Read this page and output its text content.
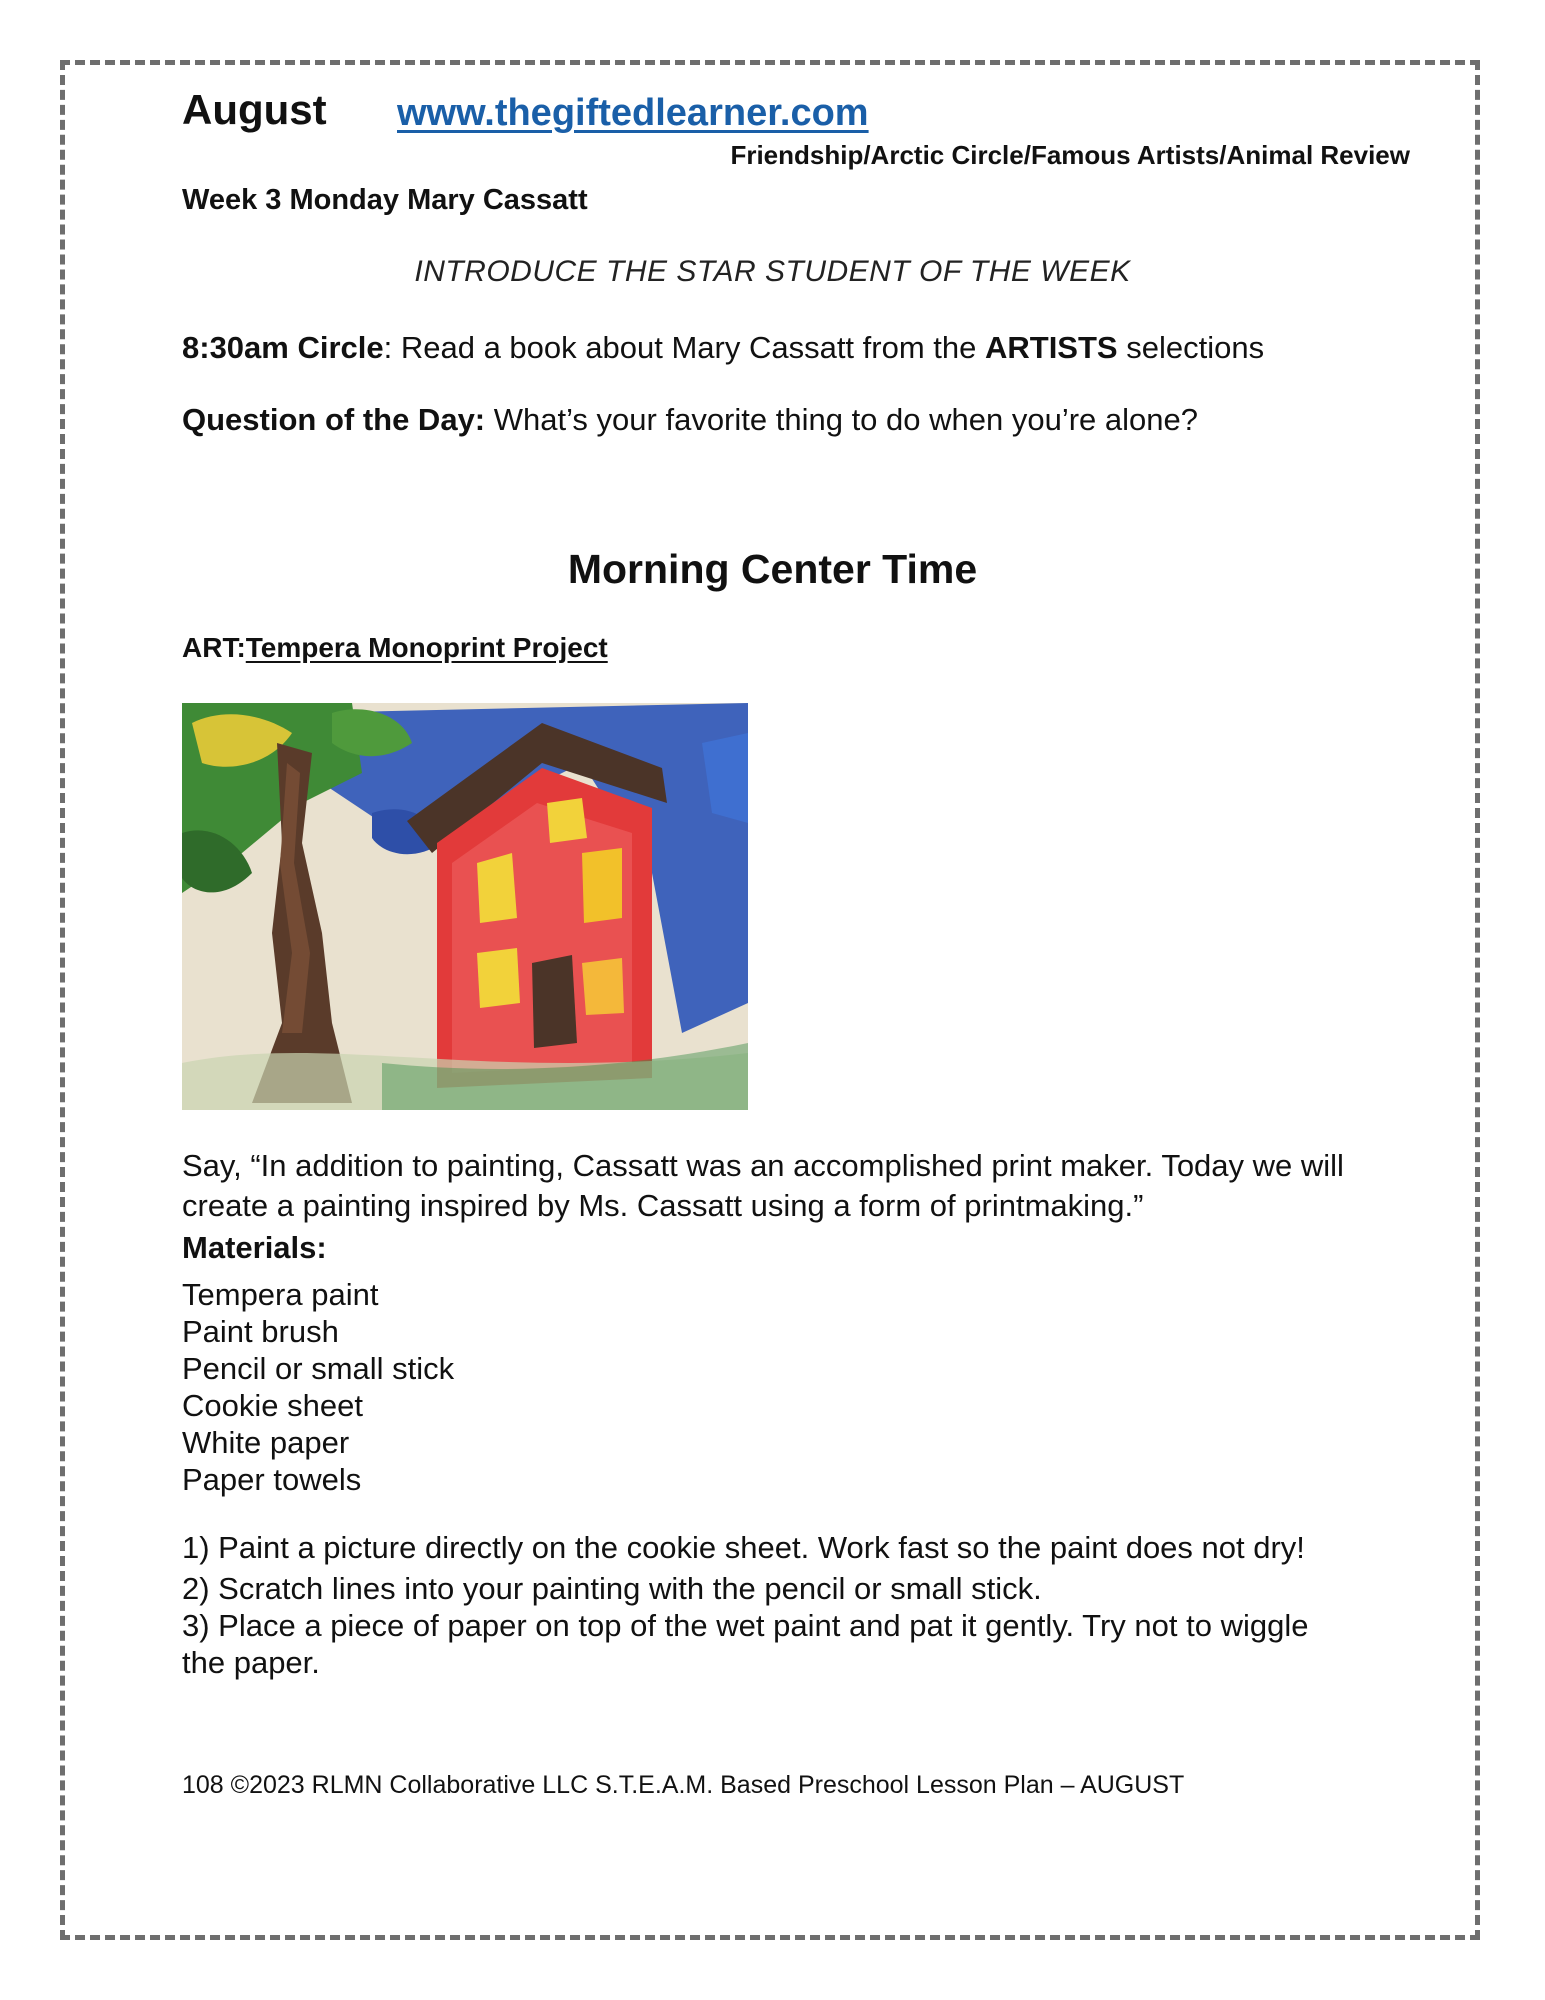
August www.thegiftedlearner.com
Friendship/Arctic Circle/Famous Artists/Animal Review
Week 3 Monday Mary Cassatt
INTRODUCE THE STAR STUDENT OF THE WEEK
8:30am Circle: Read a book about Mary Cassatt from the ARTISTS selections
Question of the Day: What’s your favorite thing to do when you’re alone?
Morning Center Time
ART:Tempera Monoprint Project
Say, “In addition to painting, Cassatt was an accomplished print maker. Today we will create a painting inspired by Ms. Cassatt using a form of printmaking.”
Materials:
Tempera paint
Paint brush
Pencil or small stick
Cookie sheet
White paper
Paper towels
1) Paint a picture directly on the cookie sheet. Work fast so the paint does not dry!
2) Scratch lines into your painting with the pencil or small stick.
3) Place a piece of paper on top of the wet paint and pat it gently. Try not to wiggle the paper.
108 ©2023 RLMN Collaborative LLC S.T.E.A.M. Based Preschool Lesson Plan – AUGUST
